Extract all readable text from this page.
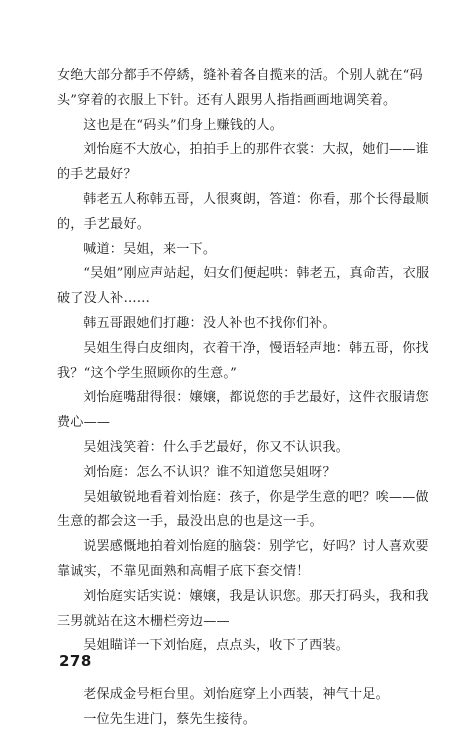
女绝大部分都手不停綉，缝补着各自揽来的活。个别人就在“码头”穿着的衣服上下针。还有人跟男人指指画画地调笑着。

这也是在“码头”们身上赚钱的人。

刘怡庭不大放心，拍拍手上的那件衣裳：大叔，她们——谁的手艺最好？

韩老五人称韩五哥，人很爽朗，答道：你看，那个长得最顺的，手艺最好。

喊道：吴姐，来一下。

“吴姐”刚应声站起，妇女们便起哄：韩老五，真命苦，衣服破了没人补……

韩五哥跟她们打趣：没人补也不找你们补。

吴姐生得白皮细肉，衣着干净，慢语轻声地：韩五哥，你找我？“这个学生照顾你的生意。”

刘怡庭嘴甜得很：嬢嬢，都说您的手艺最好，这件衣服请您费心——

吴姐浅笑着：什么手艺最好，你又不认识我。

刘怡庭：怎么不认识？谁不知道您吴姐呀？

吴姐敏锐地看着刘怡庭：孩子，你是学生意的吧？唉——做生意的都会这一手，最没出息的也是这一手。

说罢感慨地拍着刘怡庭的脑袋：别学它，好吗？讨人喜欢要靠诚实，不靠见面熟和高帽子底下套交情！

刘怡庭实话实说：嬢嬢，我是认识您。那天打码头，我和我三男就站在这木栅栏旁边——

吴姐瞄详一下刘怡庭，点点头，收下了西装。

老保成金号柜台里。刘怡庭穿上小西装，神气十足。

一位先生进门，蔡先生接待。

278
